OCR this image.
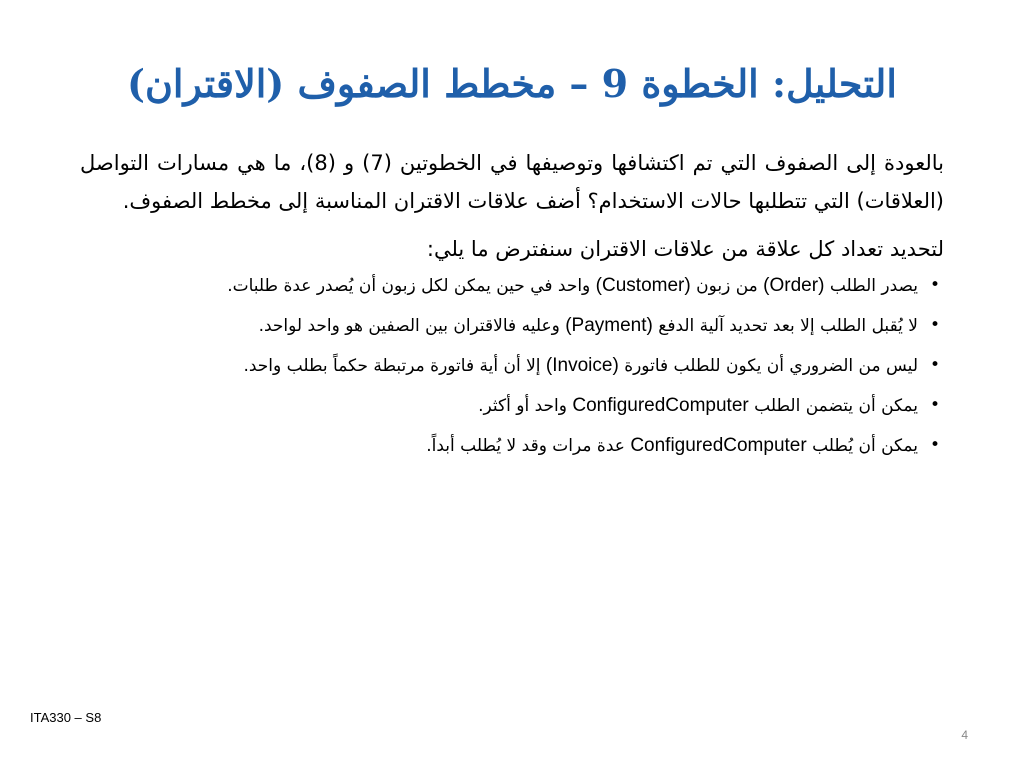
التحليل: الخطوة 9 – مخطط الصفوف (الاقتران)

بالعودة إلى الصفوف التي تم اكتشافها وتوصيفها في الخطوتين (7) و (8)، ما هي مسارات التواصل (العلاقات) التي تتطلبها حالات الاستخدام؟ أضف علاقات الاقتران المناسبة إلى مخطط الصفوف.

لتحديد تعداد كل علاقة من علاقات الاقتران سنفترض ما يلي:

•
يصدر الطلب (Order) من زبون (Customer) واحد في حين يمكن لكل زبون أن يُصدر عدة طلبات.
•
لا يُقبل الطلب إلا بعد تحديد آلية الدفع (Payment) وعليه فالاقتران بين الصفين هو واحد لواحد.
•
ليس من الضروري أن يكون للطلب فاتورة (Invoice) إلا أن أية فاتورة مرتبطة حكماً بطلب واحد.
•
يمكن أن يتضمن الطلب ConfiguredComputer واحد أو أكثر.
•
يمكن أن يُطلب ConfiguredComputer عدة مرات وقد لا يُطلب أبداً.
ITA330 – S8
4
